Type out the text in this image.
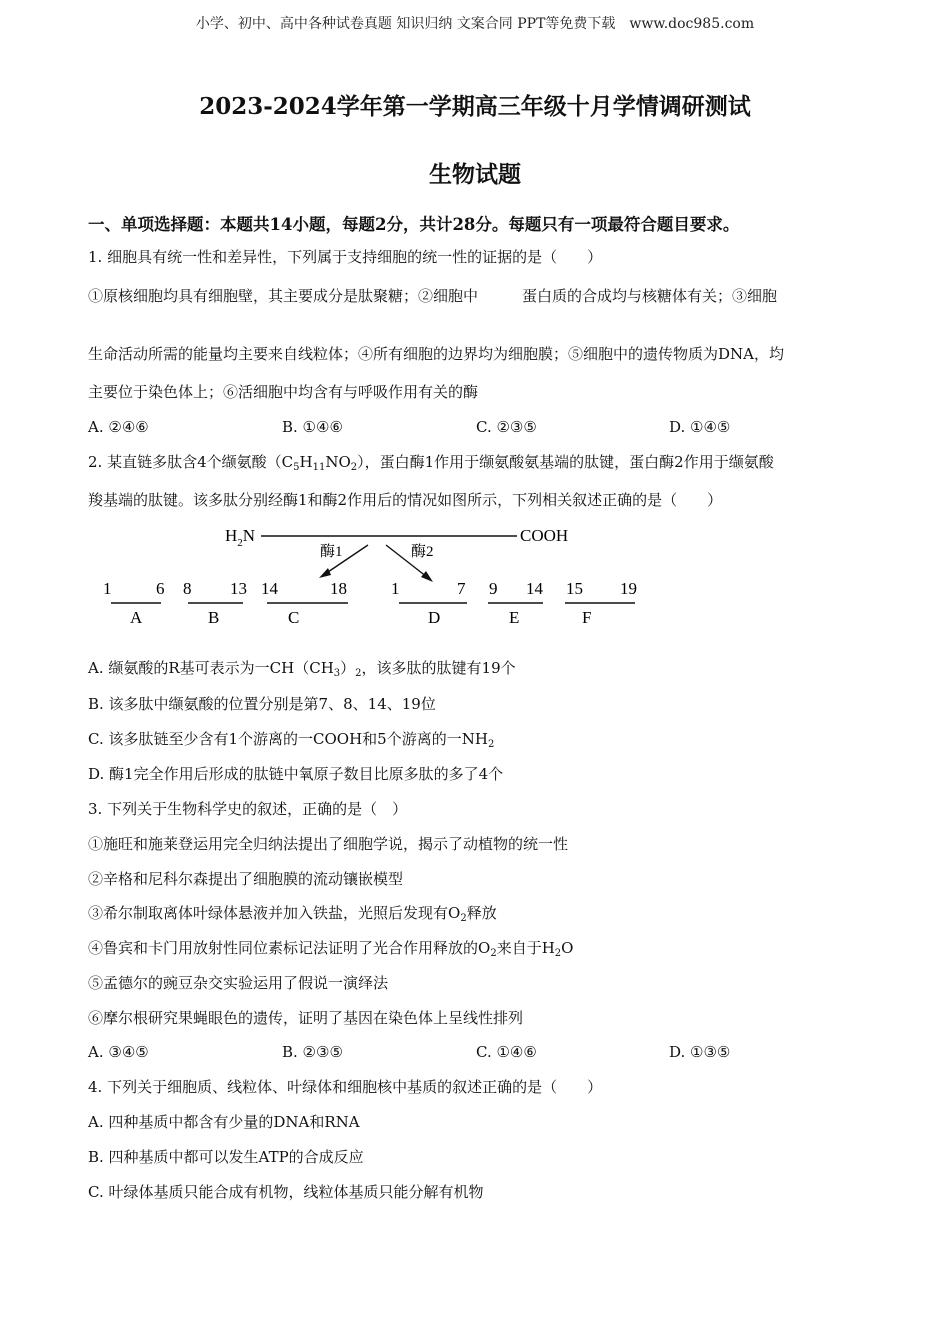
小学、初中、高中各种试卷真题 知识归纳 文案合同 PPT等免费下载 www.doc985.com
2023-2024学年第一学期高三年级十月学情调研测试
生物试题
一、单项选择题：本题共14小题，每题2分，共计28分。每题只有一项最符合题目要求。
1. 细胞具有统一性和差异性，下列属于支持细胞的统一性的证据的是（　　）
①原核细胞均具有细胞壁，其主要成分是肽聚糖；②细胞中	蛋白质的合成均与核糖体有关；③细胞
生命活动所需的能量均主要来自线粒体；④所有细胞的边界均为细胞膜；⑤细胞中的遗传物质为DNA，均
主要位于染色体上；⑥活细胞中均含有与呼吸作用有关的酶
A. ②④⑥	B. ①④⑥	C. ②③⑤	D. ①④⑤
2. 某直链多肽含4个缬氨酸$(C_5H_{11}NO_2)$，蛋白酶1作用于缬氨酸氨基端的肽键，蛋白酶2作用于缬氨酸
羧基端的肽键。该多肽分别经酶1和酶2作用后的情况如图所示，下列相关叙述正确的是（　　）
$H_2N$	COOH
酶1	酶2
1	6
A
8 13
B
14	18
C
1	7
D
9 14
E
15 19
F
A. 缬氨酸的R基可表示为一$CH(CH_3)_2$，该多肽的肽键有19个
B. 该多肽中缬氨酸的位置分别是第7、8、14、19位
C. 该多肽链至少含有1个游离的一COOH和5个游离的一$NH_2$
D. 酶1完全作用后形成的肽链中氧原子数目比原多肽的多了4个
3. 下列关于生物科学史的叙述，正确的是（　）
①施旺和施莱登运用完全归纳法提出了细胞学说，揭示了动植物的统一性
②辛格和尼科尔森提出了细胞膜的流动镶嵌模型
③希尔制取离体叶绿体悬液并加入铁盐，光照后发现有$O_2$释放
④鲁宾和卡门用放射性同位素标记法证明了光合作用释放的$O_2$来自于$H_2O$
⑤孟德尔的豌豆杂交实验运用了假说一演绎法
⑥摩尔根研究果蝇眼色的遗传，证明了基因在染色体上呈线性排列
A. ③④⑤	B. ②③⑤	C. ①④⑥	D. ①③⑤
4. 下列关于细胞质、线粒体、叶绿体和细胞核中基质的叙述正确的是（　　）
A. 四种基质中都含有少量的DNA和RNA
B. 四种基质中都可以发生ATP的合成反应
C. 叶绿体基质只能合成有机物，线粒体基质只能分解有机物
